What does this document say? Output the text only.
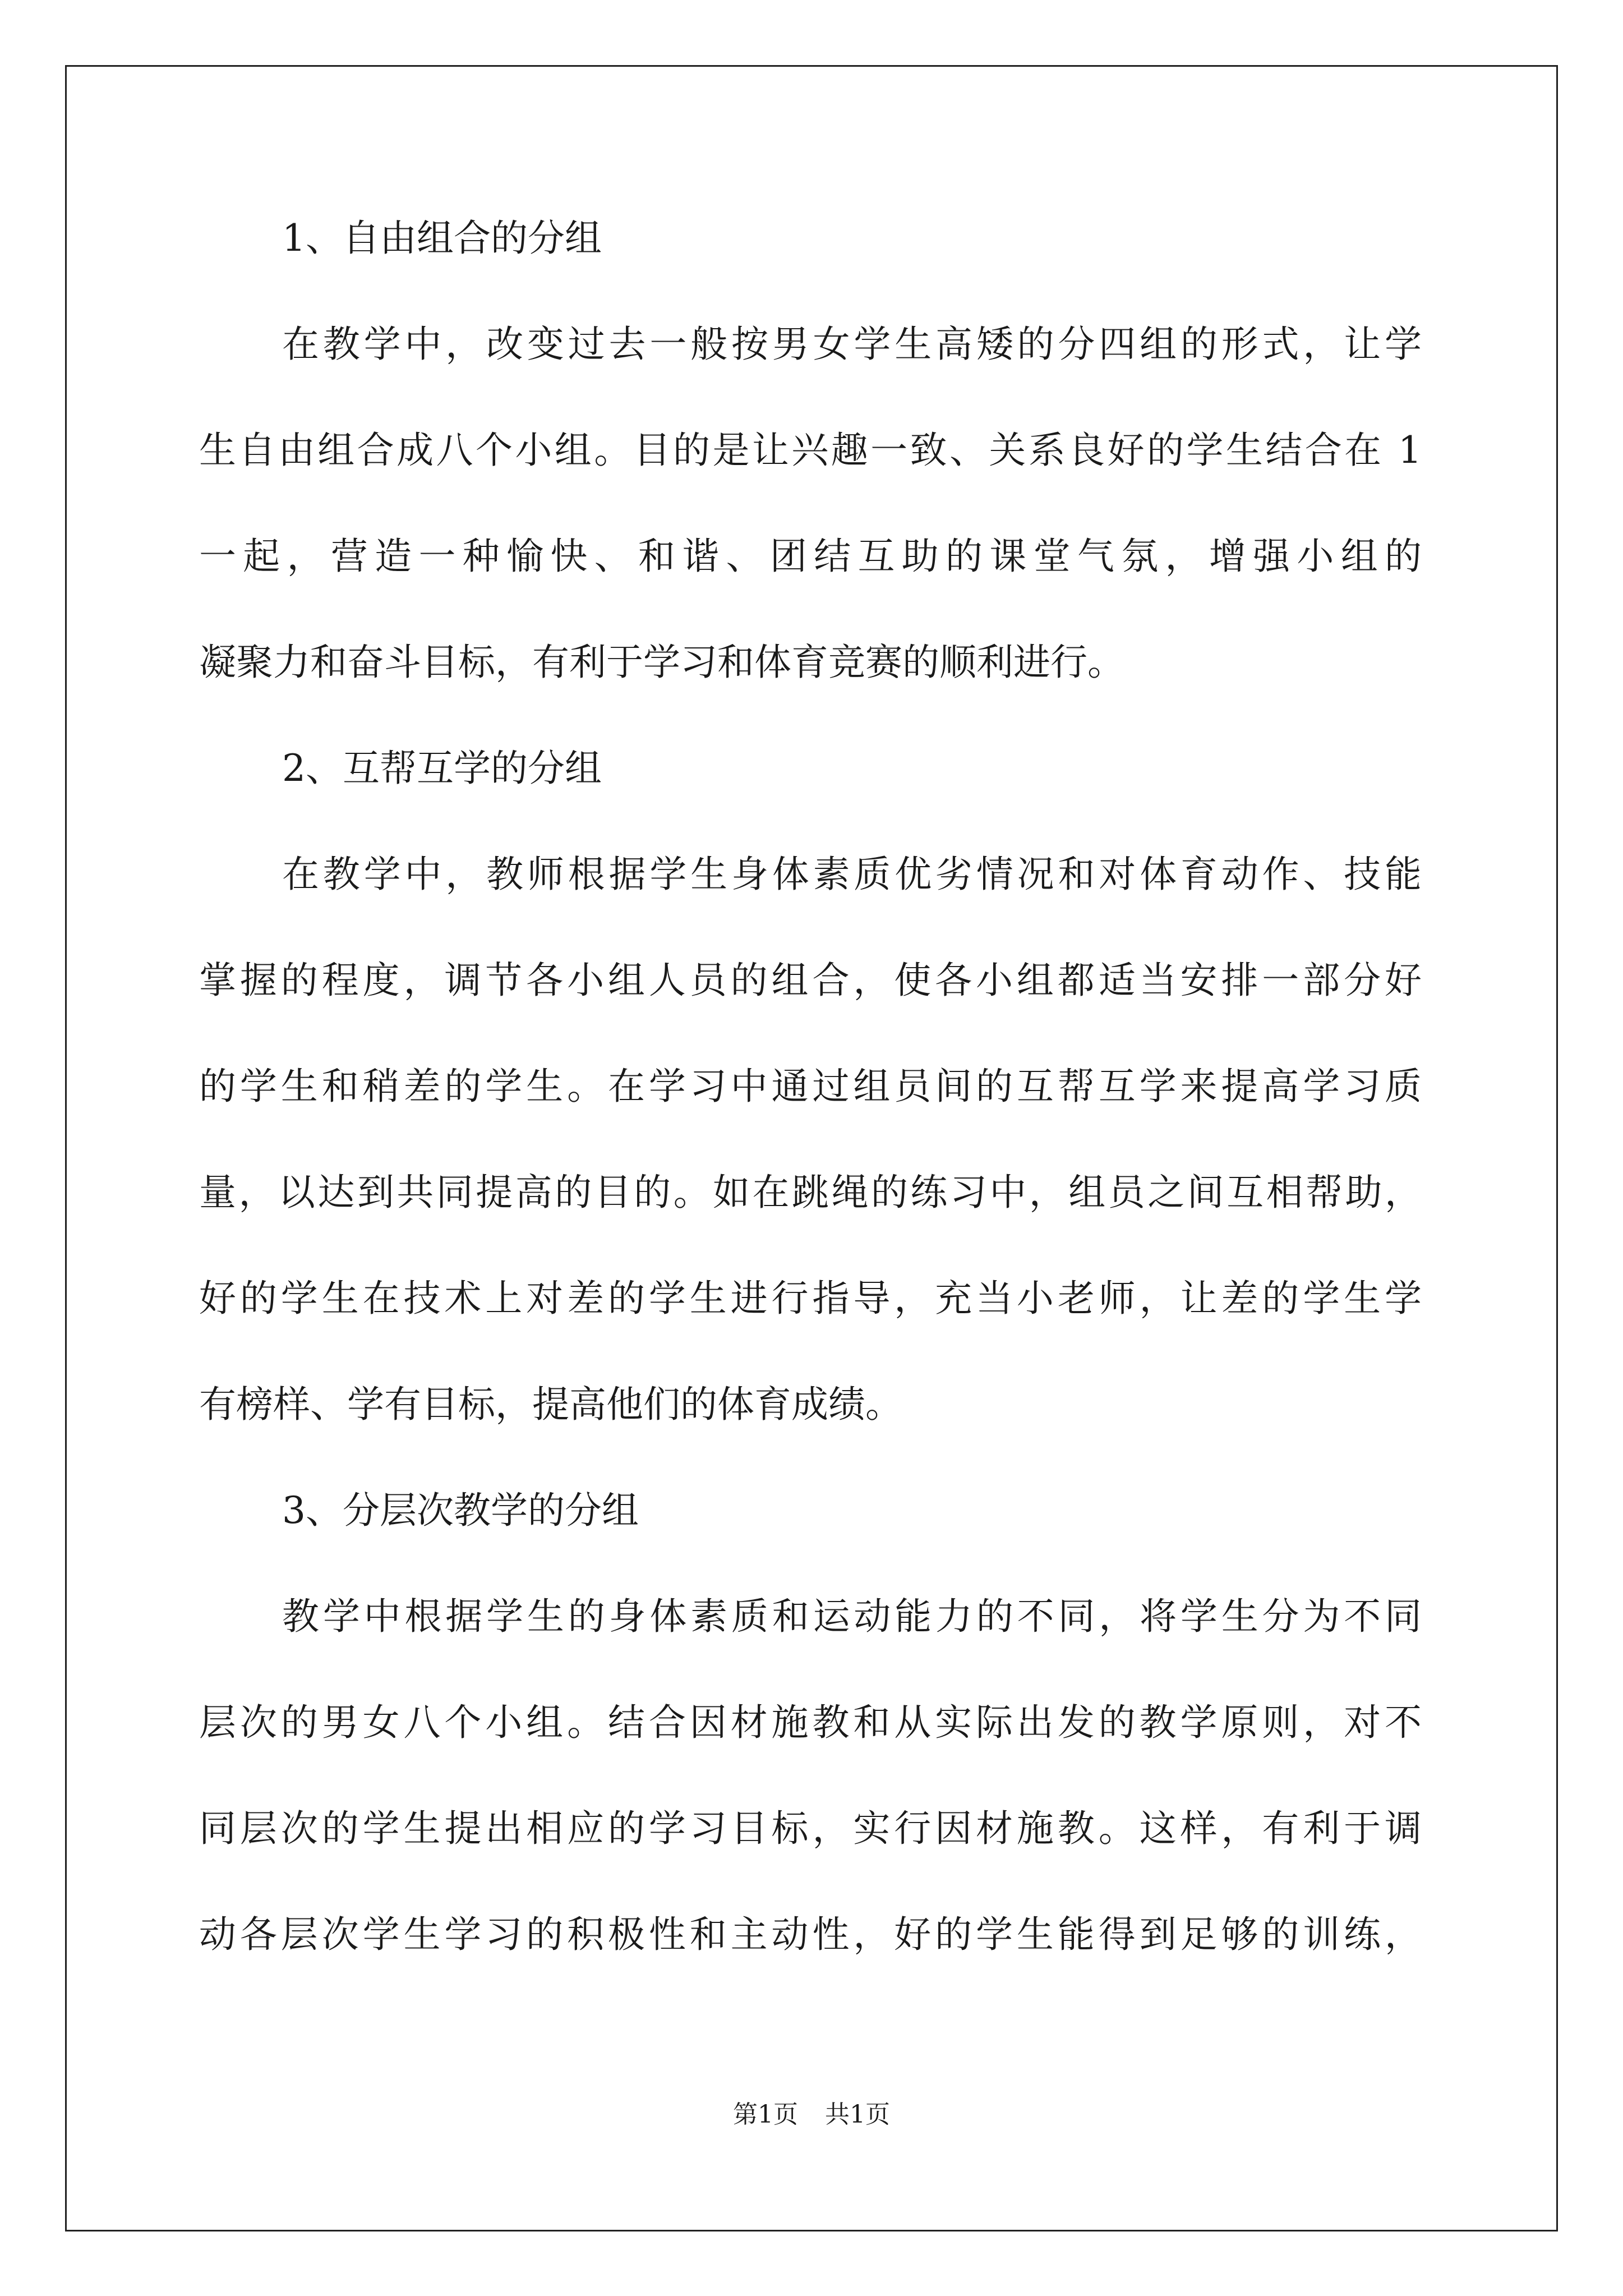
1、自由组合的分组
在教学中，改变过去一般按男女学生高矮的分四组的形式，让学
生自由组合成八个小组。目的是让兴趣一致、关系良好的学生结合在 1
一起，营造一种愉快、和谐、团结互助的课堂气氛，增强小组的
凝聚力和奋斗目标，有利于学习和体育竞赛的顺利进行。
2、互帮互学的分组
在教学中，教师根据学生身体素质优劣情况和对体育动作、技能
掌握的程度，调节各小组人员的组合，使各小组都适当安排一部分好
的学生和稍差的学生。在学习中通过组员间的互帮互学来提高学习质
量，以达到共同提高的目的。如在跳绳的练习中，组员之间互相帮助，
好的学生在技术上对差的学生进行指导，充当小老师，让差的学生学
有榜样、学有目标，提高他们的体育成绩。
3、分层次教学的分组
教学中根据学生的身体素质和运动能力的不同，将学生分为不同
层次的男女八个小组。结合因材施教和从实际出发的教学原则，对不
同层次的学生提出相应的学习目标，实行因材施教。这样，有利于调
动各层次学生学习的积极性和主动性，好的学生能得到足够的训练，
第1页 共1页
